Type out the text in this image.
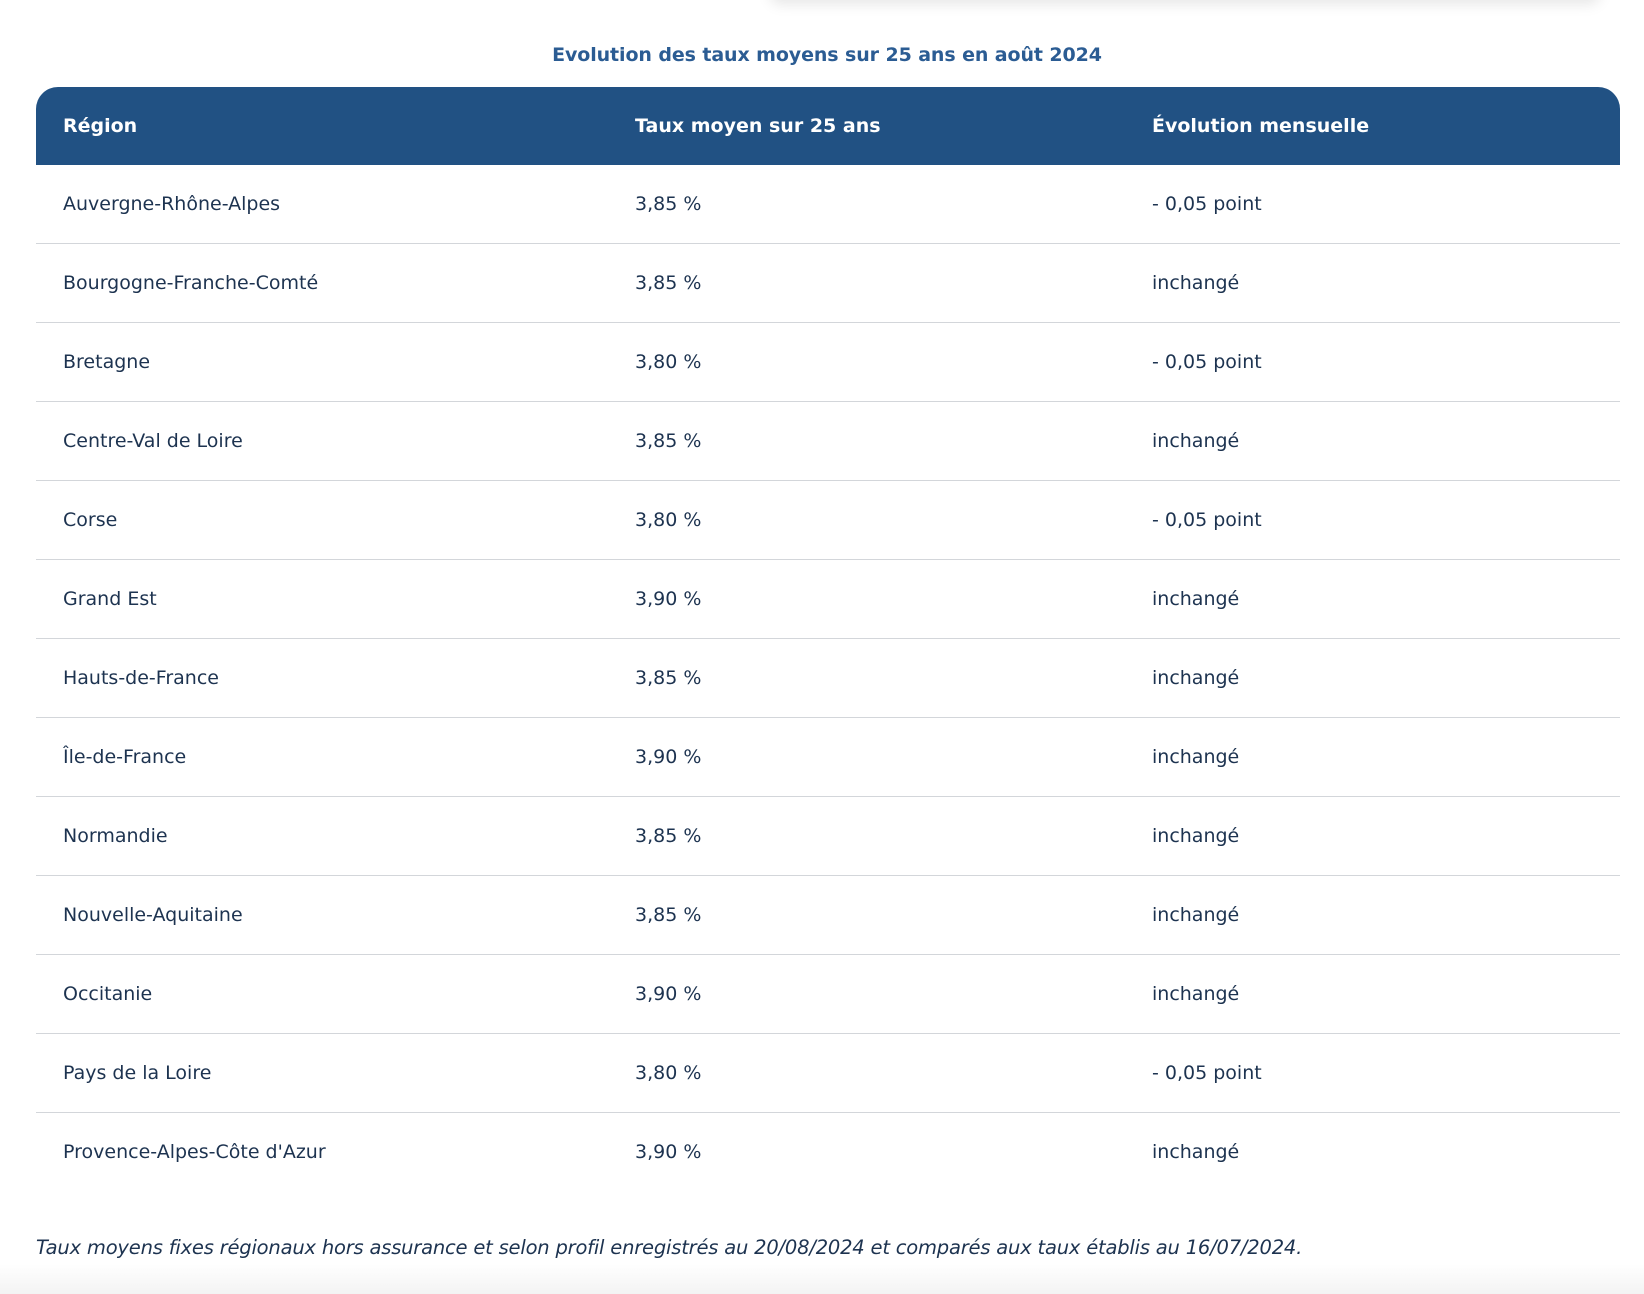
Evolution des taux moyens sur 25 ans en août 2024
Région	Taux moyen sur 25 ans	Évolution mensuelle
Auvergne-Rhône-Alpes	3,85 %	- 0,05 point
Bourgogne-Franche-Comté	3,85 %	inchangé
Bretagne	3,80 %	- 0,05 point
Centre-Val de Loire	3,85 %	inchangé
Corse	3,80 %	- 0,05 point
Grand Est	3,90 %	inchangé
Hauts-de-France	3,85 %	inchangé
Île-de-France	3,90 %	inchangé
Normandie	3,85 %	inchangé
Nouvelle-Aquitaine	3,85 %	inchangé
Occitanie	3,90 %	inchangé
Pays de la Loire	3,80 %	- 0,05 point
Provence-Alpes-Côte d'Azur	3,90 %	inchangé
Taux moyens fixes régionaux hors assurance et selon profil enregistrés au 20/08/2024 et comparés aux taux établis au 16/07/2024.
